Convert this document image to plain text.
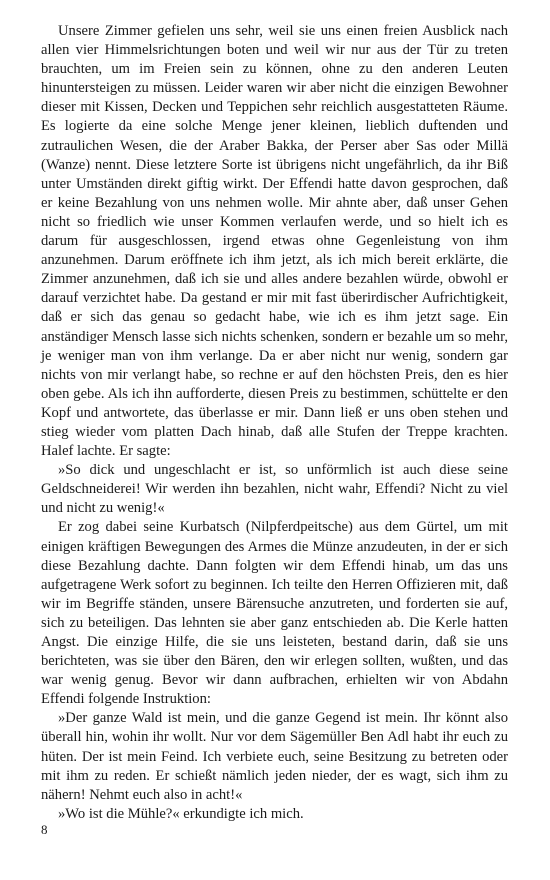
Unsere Zimmer gefielen uns sehr, weil sie uns einen freien Ausblick nach allen vier Himmelsrichtungen boten und weil wir nur aus der Tür zu treten brauchten, um im Freien sein zu können, ohne zu den anderen Leuten hinuntersteigen zu müssen. Leider waren wir aber nicht die einzigen Bewohner dieser mit Kissen, Decken und Teppichen sehr reichlich ausgestatteten Räume. Es logierte da eine solche Menge jener kleinen, lieblich duftenden und zutraulichen Wesen, die der Araber Bakka, der Perser aber Sas oder Millä (Wanze) nennt. Diese letztere Sorte ist übrigens nicht ungefährlich, da ihr Biß unter Umständen direkt giftig wirkt. Der Effendi hatte davon gesprochen, daß er keine Bezahlung von uns nehmen wolle. Mir ahnte aber, daß unser Gehen nicht so friedlich wie unser Kommen verlaufen werde, und so hielt ich es darum für ausgeschlossen, irgend etwas ohne Gegenleistung von ihm anzunehmen. Darum eröffnete ich ihm jetzt, als ich mich bereit erklärte, die Zimmer anzunehmen, daß ich sie und alles andere bezahlen würde, obwohl er darauf verzichtet habe. Da gestand er mir mit fast überirdischer Aufrichtigkeit, daß er sich das genau so gedacht habe, wie ich es ihm jetzt sage. Ein anständiger Mensch lasse sich nichts schenken, sondern er bezahle um so mehr, je weniger man von ihm verlange. Da er aber nicht nur wenig, sondern gar nichts von mir verlangt habe, so rechne er auf den höchsten Preis, den es hier oben gebe. Als ich ihn aufforderte, diesen Preis zu bestimmen, schüttelte er den Kopf und antwortete, das überlasse er mir. Dann ließ er uns oben stehen und stieg wieder vom platten Dach hinab, daß alle Stufen der Treppe krachten. Halef lachte. Er sagte:

»So dick und ungeschlacht er ist, so unförmlich ist auch diese seine Geldschneiderei! Wir werden ihn bezahlen, nicht wahr, Effendi? Nicht zu viel und nicht zu wenig!«

Er zog dabei seine Kurbatsch (Nilpferdpeitsche) aus dem Gürtel, um mit einigen kräftigen Bewegungen des Armes die Münze anzudeuten, in der er sich diese Bezahlung dachte. Dann folgten wir dem Effendi hinab, um das uns aufgetragene Werk sofort zu beginnen. Ich teilte den Herren Offizieren mit, daß wir im Begriffe ständen, unsere Bärensuche anzutreten, und forderten sie auf, sich zu beteiligen. Das lehnten sie aber ganz entschieden ab. Die Kerle hatten Angst. Die einzige Hilfe, die sie uns leisteten, bestand darin, daß sie uns berichteten, was sie über den Bären, den wir erlegen sollten, wußten, und das war wenig genug. Bevor wir dann aufbrachen, erhielten wir von Abdahn Effendi folgende Instruktion:

»Der ganze Wald ist mein, und die ganze Gegend ist mein. Ihr könnt also überall hin, wohin ihr wollt. Nur vor dem Sägemüller Ben Adl habt ihr euch zu hüten. Der ist mein Feind. Ich verbiete euch, seine Besitzung zu betreten oder mit ihm zu reden. Er schießt nämlich jeden nieder, der es wagt, sich ihm zu nähern! Nehmt euch also in acht!«

»Wo ist die Mühle?« erkundigte ich mich.

8
